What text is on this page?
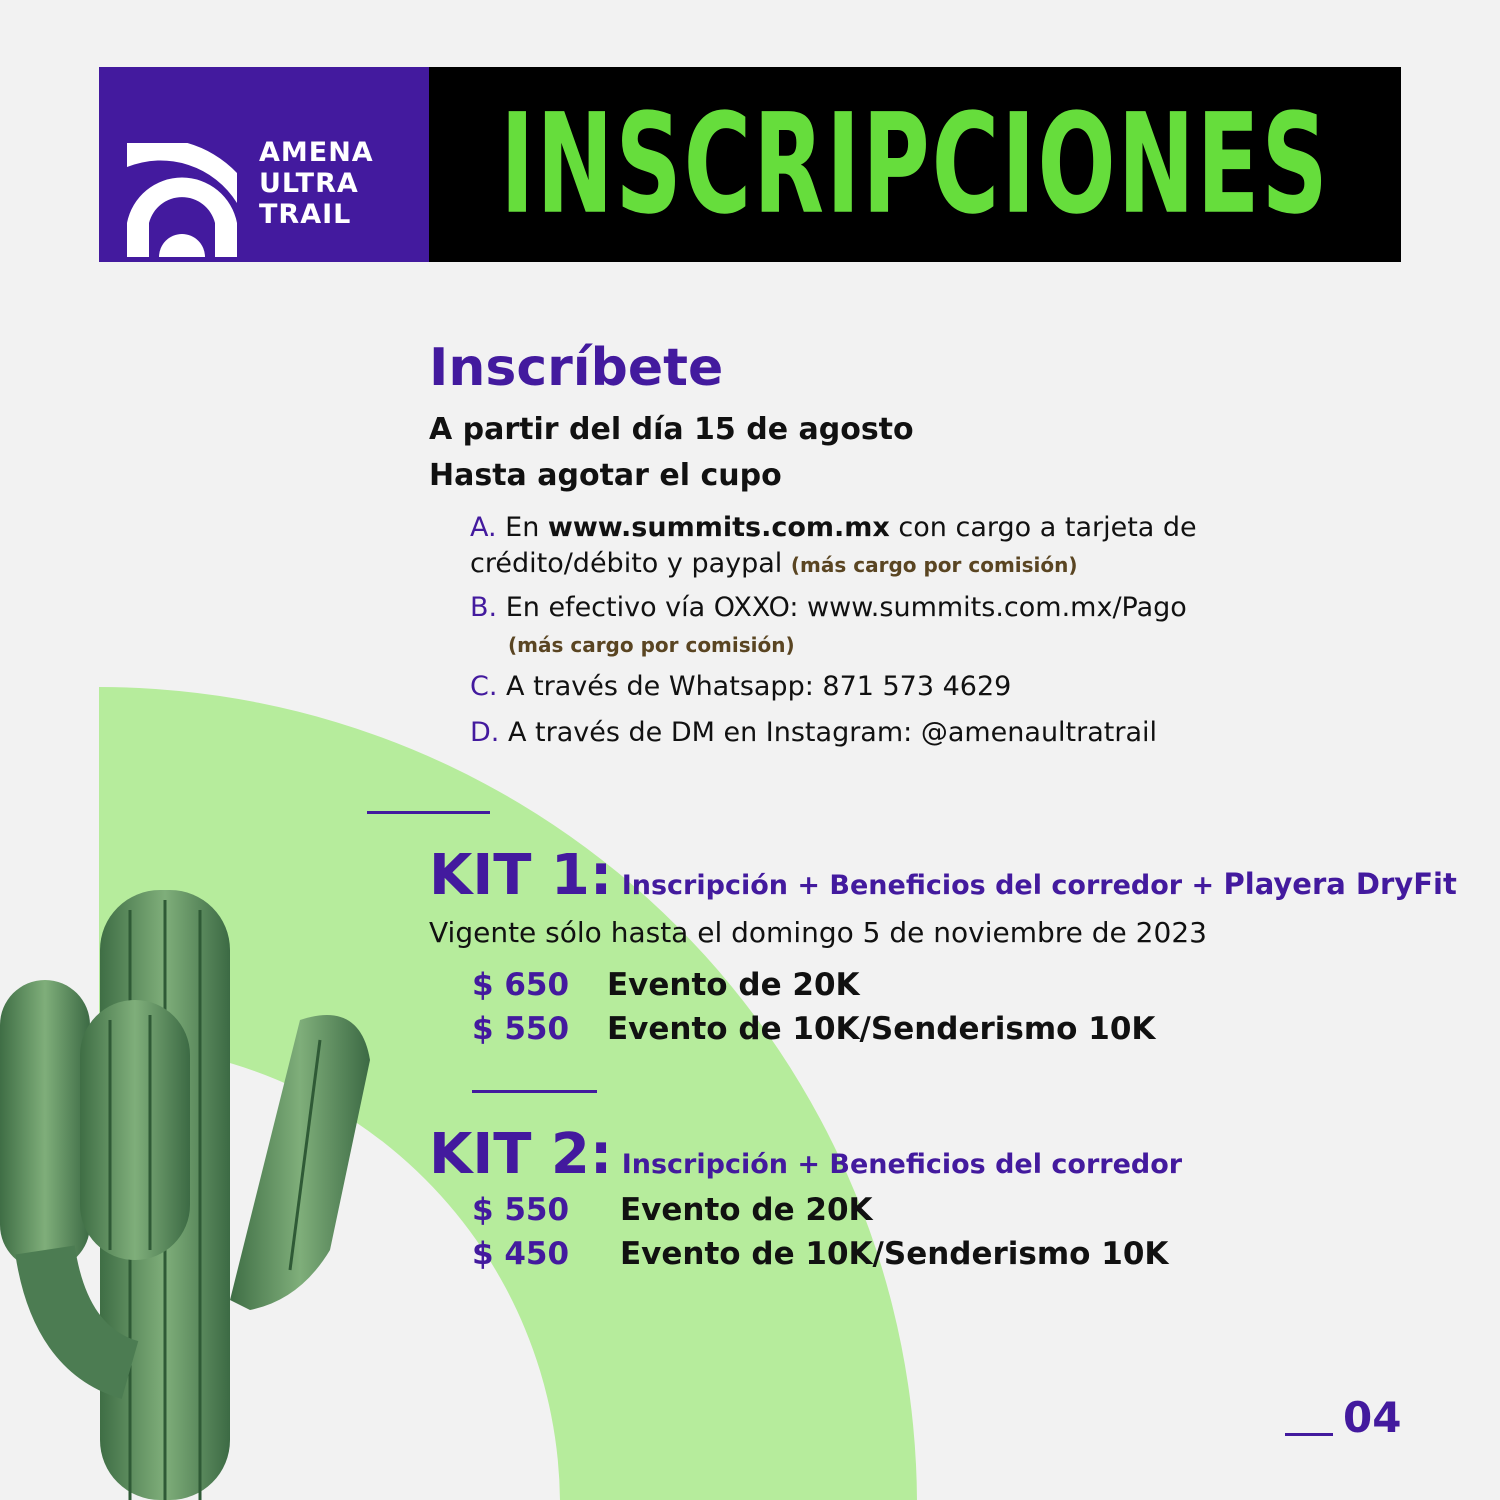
AMENA
ULTRA
TRAIL INSCRIPCIONES
Inscríbete
A partir del día 15 de agosto
Hasta agotar el cupo
A. En www.summits.com.mx con cargo a tarjeta de
crédito/débito y paypal (más cargo por comisión)
B. En efectivo vía OXXO: www.summits.com.mx/Pago
(más cargo por comisión)
C. A través de Whatsapp: 871 573 4629
D. A través de DM en Instagram: @amenaultratrail
KIT 1: Inscripción + Beneficios del corredor + Playera DryFit
Vigente sólo hasta el domingo 5 de noviembre de 2023
$ 650 Evento de 20K
$ 550 Evento de 10K/Senderismo 10K
KIT 2: Inscripción + Beneficios del corredor
$ 550 Evento de 20K
$ 450 Evento de 10K/Senderismo 10K
04
